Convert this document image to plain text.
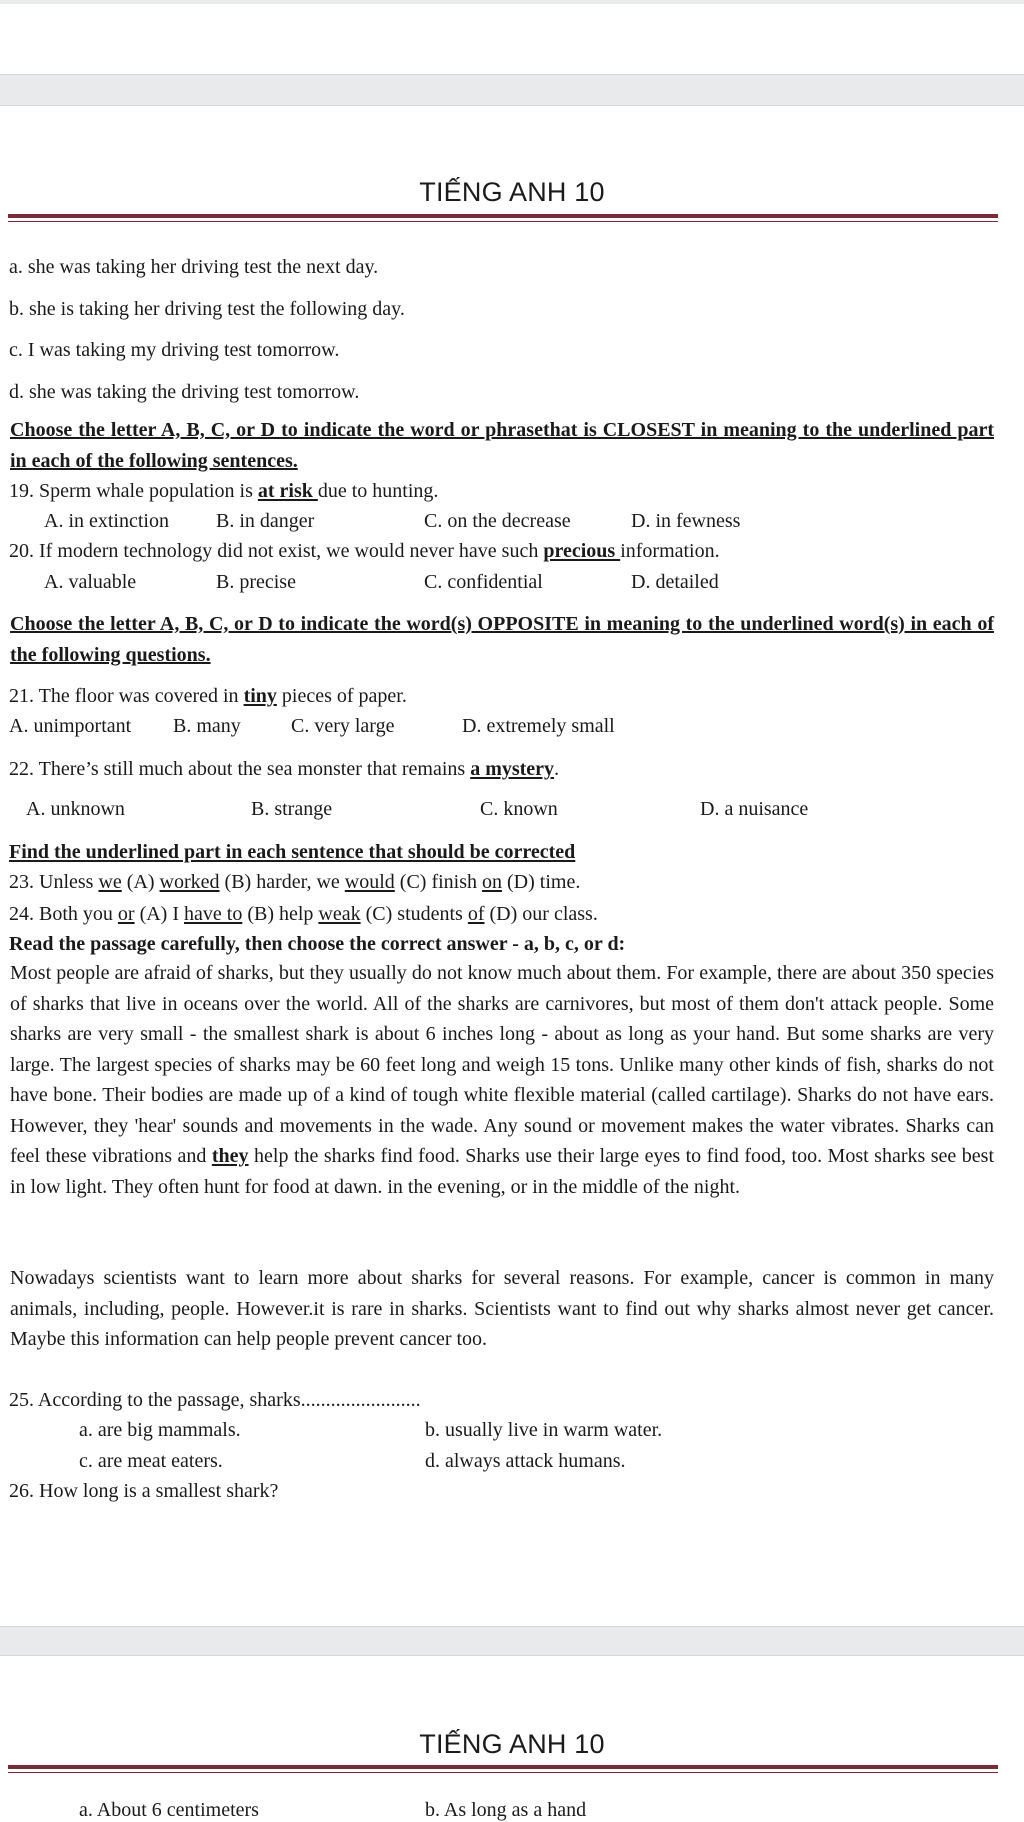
TIẾNG ANH 10
a. she was taking her driving test the next day.
b. she is taking her driving test the following day.
c. I was taking my driving test tomorrow.
d. she was taking the driving test tomorrow.
Choose the letter A, B, C, or D to indicate the word or phrasethat is CLOSEST in meaning to the underlined part in each of the following sentences.
19. Sperm whale population is at risk due to hunting.
A. in extinction B. in danger	C. on the decrease	D. in fewness
20. If modern technology did not exist, we would never have such precious information.
A. valuable	B. precise	C. confidential	D. detailed
Choose the letter A, B, C, or D to indicate the word(s) OPPOSITE in meaning to the underlined word(s) in each of the following questions.
21. The floor was covered in tiny pieces of paper.
A. unimportant B. many	C. very large	D. extremely small
22. There’s still much about the sea monster that remains a mystery.
A. unknown	B. strange	C. known	D. a nuisance
Find the underlined part in each sentence that should be corrected
23. Unless we (A) worked (B) harder, we would (C) finish on (D) time.
24. Both you or (A) I have to (B) help weak (C) students of (D) our class.
Read the passage carefully, then choose the correct answer - a, b, c, or d:
Most people are afraid of sharks, but they usually do not know much about them. For example, there are about 350 species of sharks that live in oceans over the world. All of the sharks are carnivores, but most of them don't attack people. Some sharks are very small - the smallest shark is about 6 inches long - about as long as your hand. But some sharks are very large. The largest species of sharks may be 60 feet long and weigh 15 tons. Unlike many other kinds of fish, sharks do not have bone. Their bodies are made up of a kind of tough white flexible material (called cartilage). Sharks do not have ears. However, they 'hear' sounds and movements in the wade. Any sound or movement makes the water vibrates. Sharks can feel these vibrations and they help the sharks find food. Sharks use their large eyes to find food, too. Most sharks see best in low light. They often hunt for food at dawn. in the evening, or in the middle of the night.
Nowadays scientists want to learn more about sharks for several reasons. For example, cancer is common in many animals, including, people. However.it is rare in sharks. Scientists want to find out why sharks almost never get cancer. Maybe this information can help people prevent cancer too.
25. According to the passage, sharks........................
a. are big mammals.	b. usually live in warm water.
c. are meat eaters.	d. always attack humans.
26. How long is a smallest shark?
TIẾNG ANH 10
a. About 6 centimeters	b. As long as a hand
